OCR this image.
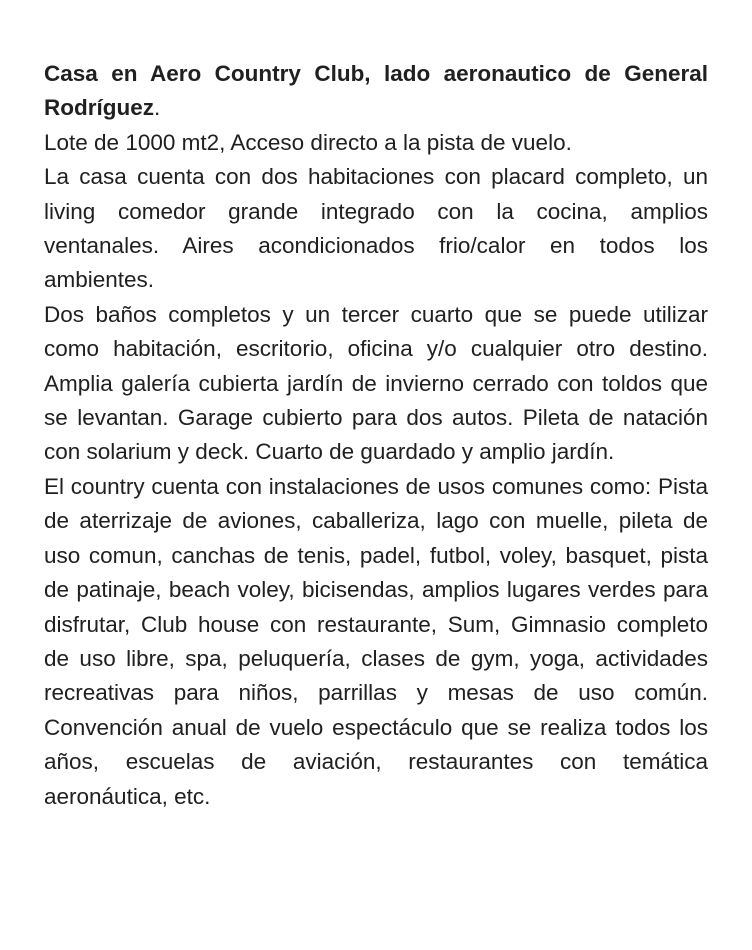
Casa en Aero Country Club, lado aeronautico de General Rodríguez.

Lote de 1000 mt2, Acceso directo a la pista de vuelo.

La casa cuenta con dos habitaciones con placard completo, un living comedor grande integrado con la cocina, amplios ventanales. Aires acondicionados frio/calor en todos los ambientes.

Dos baños completos y un tercer cuarto que se puede utilizar como habitación, escritorio, oficina y/o cualquier otro destino. Amplia galería cubierta jardín de invierno cerrado con toldos que se levantan. Garage cubierto para dos autos. Pileta de natación con solarium y deck. Cuarto de guardado y amplio jardín.

El country cuenta con instalaciones de usos comunes como: Pista de aterrizaje de aviones, caballeriza, lago con muelle, pileta de uso comun, canchas de tenis, padel, futbol, voley, basquet, pista de patinaje, beach voley, bicisendas, amplios lugares verdes para disfrutar, Club house con restaurante, Sum, Gimnasio completo de uso libre, spa, peluquería, clases de gym, yoga, actividades recreativas para niños, parrillas y mesas de uso común. Convención anual de vuelo espectáculo que se realiza todos los años, escuelas de aviación, restaurantes con temática aeronáutica, etc.
